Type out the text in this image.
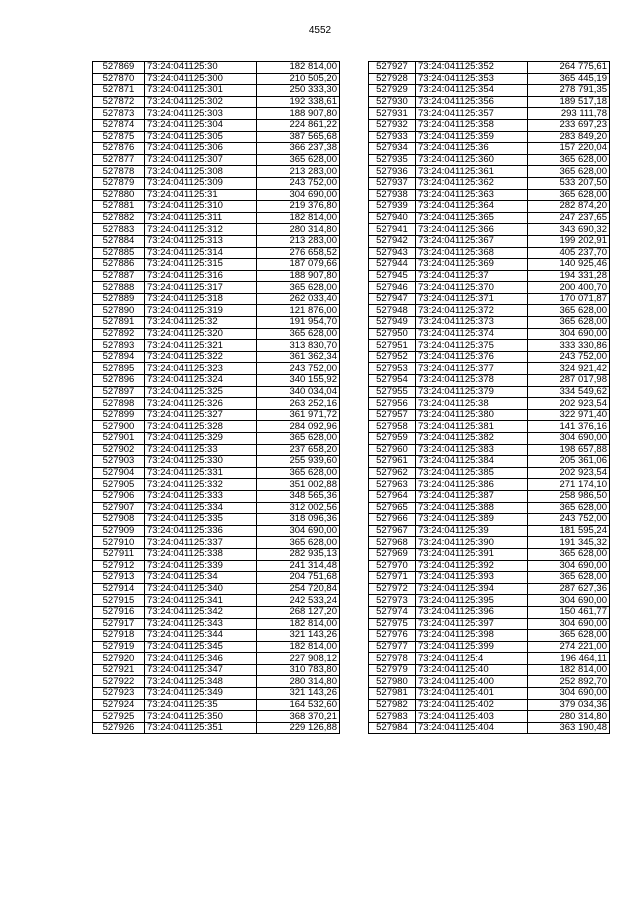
4552
527869	73:24:041125:30	182 814,00
527870	73:24:041125:300	210 505,20
527871	73:24:041125:301	250 333,30
527872	73:24:041125:302	192 338,61
527873	73:24:041125:303	188 907,80
527874	73:24:041125:304	224 861,22
527875	73:24:041125:305	387 565,68
527876	73:24:041125:306	366 237,38
527877	73:24:041125:307	365 628,00
527878	73:24:041125:308	213 283,00
527879	73:24:041125:309	243 752,00
527880	73:24:041125:31	304 690,00
527881	73:24:041125:310	219 376,80
527882	73:24:041125:311	182 814,00
527883	73:24:041125:312	280 314,80
527884	73:24:041125:313	213 283,00
527885	73:24:041125:314	276 658,52
527886	73:24:041125:315	187 079,66
527887	73:24:041125:316	188 907,80
527888	73:24:041125:317	365 628,00
527889	73:24:041125:318	262 033,40
527890	73:24:041125:319	121 876,00
527891	73:24:041125:32	191 954,70
527892	73:24:041125:320	365 628,00
527893	73:24:041125:321	313 830,70
527894	73:24:041125:322	361 362,34
527895	73:24:041125:323	243 752,00
527896	73:24:041125:324	340 155,92
527897	73:24:041125:325	340 034,04
527898	73:24:041125:326	263 252,16
527899	73:24:041125:327	361 971,72
527900	73:24:041125:328	284 092,96
527901	73:24:041125:329	365 628,00
527902	73:24:041125:33	237 658,20
527903	73:24:041125:330	255 939,60
527904	73:24:041125:331	365 628,00
527905	73:24:041125:332	351 002,88
527906	73:24:041125:333	348 565,36
527907	73:24:041125:334	312 002,56
527908	73:24:041125:335	318 096,36
527909	73:24:041125:336	304 690,00
527910	73:24:041125:337	365 628,00
527911	73:24:041125:338	282 935,13
527912	73:24:041125:339	241 314,48
527913	73:24:041125:34	204 751,68
527914	73:24:041125:340	254 720,84
527915	73:24:041125:341	242 533,24
527916	73:24:041125:342	268 127,20
527917	73:24:041125:343	182 814,00
527918	73:24:041125:344	321 143,26
527919	73:24:041125:345	182 814,00
527920	73:24:041125:346	227 908,12
527921	73:24:041125:347	310 783,80
527922	73:24:041125:348	280 314,80
527923	73:24:041125:349	321 143,26
527924	73:24:041125:35	164 532,60
527925	73:24:041125:350	368 370,21
527926	73:24:041125:351	229 126,88
527927	73:24:041125:352	264 775,61
527928	73:24:041125:353	365 445,19
527929	73:24:041125:354	278 791,35
527930	73:24:041125:356	189 517,18
527931	73:24:041125:357	293 111,78
527932	73:24:041125:358	233 697,23
527933	73:24:041125:359	283 849,20
527934	73:24:041125:36	157 220,04
527935	73:24:041125:360	365 628,00
527936	73:24:041125:361	365 628,00
527937	73:24:041125:362	533 207,50
527938	73:24:041125:363	365 628,00
527939	73:24:041125:364	282 874,20
527940	73:24:041125:365	247 237,65
527941	73:24:041125:366	343 690,32
527942	73:24:041125:367	199 202,91
527943	73:24:041125:368	405 237,70
527944	73:24:041125:369	140 925,46
527945	73:24:041125:37	194 331,28
527946	73:24:041125:370	200 400,70
527947	73:24:041125:371	170 071,87
527948	73:24:041125:372	365 628,00
527949	73:24:041125:373	365 628,00
527950	73:24:041125:374	304 690,00
527951	73:24:041125:375	333 330,86
527952	73:24:041125:376	243 752,00
527953	73:24:041125:377	324 921,42
527954	73:24:041125:378	287 017,98
527955	73:24:041125:379	334 549,62
527956	73:24:041125:38	202 923,54
527957	73:24:041125:380	322 971,40
527958	73:24:041125:381	141 376,16
527959	73:24:041125:382	304 690,00
527960	73:24:041125:383	198 657,88
527961	73:24:041125:384	205 361,06
527962	73:24:041125:385	202 923,54
527963	73:24:041125:386	271 174,10
527964	73:24:041125:387	258 986,50
527965	73:24:041125:388	365 628,00
527966	73:24:041125:389	243 752,00
527967	73:24:041125:39	181 595,24
527968	73:24:041125:390	191 345,32
527969	73:24:041125:391	365 628,00
527970	73:24:041125:392	304 690,00
527971	73:24:041125:393	365 628,00
527972	73:24:041125:394	287 627,36
527973	73:24:041125:395	304 690,00
527974	73:24:041125:396	150 461,77
527975	73:24:041125:397	304 690,00
527976	73:24:041125:398	365 628,00
527977	73:24:041125:399	274 221,00
527978	73:24:041125:4	196 464,11
527979	73:24:041125:40	182 814,00
527980	73:24:041125:400	252 892,70
527981	73:24:041125:401	304 690,00
527982	73:24:041125:402	379 034,36
527983	73:24:041125:403	280 314,80
527984	73:24:041125:404	363 190,48
